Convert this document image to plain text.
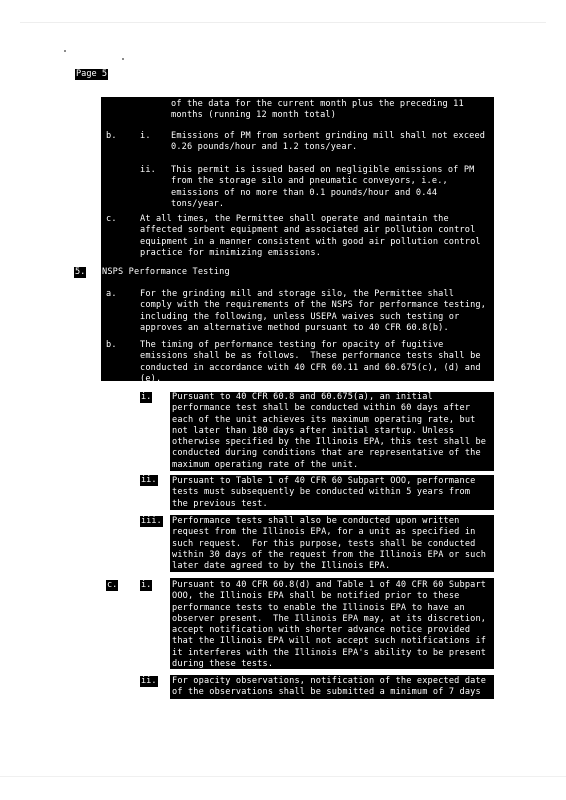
Page 5
of the data for the current month plus the preceding 11
months (running 12 month total)
b.	i. Emissions of PM from sorbent grinding mill shall not exceed
0.26 pounds/hour and 1.2 tons/year.
ii. This permit is issued based on negligible emissions of PM
from the storage silo and pneumatic conveyors, i.e.,
emissions of no more than 0.1 pounds/hour and 0.44
tons/year.
c.	At all times, the Permittee shall operate and maintain the
affected sorbent equipment and associated air pollution control
equipment in a manner consistent with good air pollution control
practice for minimizing emissions.
5. NSPS Performance Testing
a.	For the grinding mill and storage silo, the Permittee shall
comply with the requirements of the NSPS for performance testing,
including the following, unless USEPA waives such testing or
approves an alternative method pursuant to 40 CFR 60.8(b).
b.	The timing of performance testing for opacity of fugitive
emissions shall be as follows.  These performance tests shall be
conducted in accordance with 40 CFR 60.11 and 60.675(c), (d) and
(e).
i. Pursuant to 40 CFR 60.8 and 60.675(a), an initial
performance test shall be conducted within 60 days after
each of the unit achieves its maximum operating rate, but
not later than 180 days after initial startup. Unless
otherwise specified by the Illinois EPA, this test shall be
conducted during conditions that are representative of the
maximum operating rate of the unit.
ii. Pursuant to Table 1 of 40 CFR 60 Subpart OOO, performance
tests must subsequently be conducted within 5 years from
the previous test.
iii. Performance tests shall also be conducted upon written
request from the Illinois EPA, for a unit as specified in
such request.  For this purpose, tests shall be conducted
within 30 days of the request from the Illinois EPA or such
later date agreed to by the Illinois EPA.
c.	i. Pursuant to 40 CFR 60.8(d) and Table 1 of 40 CFR 60 Subpart
OOO, the Illinois EPA shall be notified prior to these
performance tests to enable the Illinois EPA to have an
observer present.  The Illinois EPA may, at its discretion,
accept notification with shorter advance notice provided
that the Illinois EPA will not accept such notifications if
it interferes with the Illinois EPA's ability to be present
during these tests.
ii. For opacity observations, notification of the expected date
of the observations shall be submitted a minimum of 7 days
